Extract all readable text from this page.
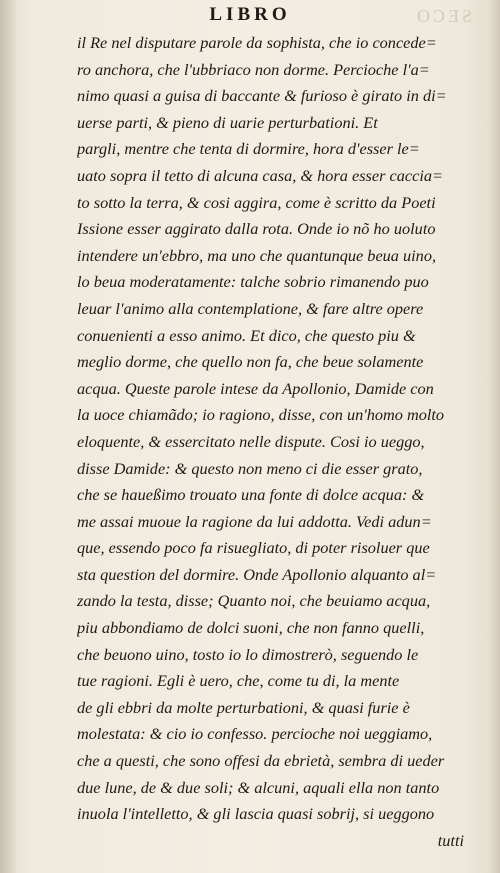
SECO
LIBRO
il Re nel disputare parole da sophista, che io concede=
ro anchora, che l'ubbriaco non dorme. Percioche l'a=
nimo quasi a guisa di baccante & furioso è girato in di=
uerse parti, & pieno di uarie perturbationi. Et
pargli, mentre che tenta di dormire, hora d'esser le=
uato sopra il tetto di alcuna casa, & hora esser caccia=
to sotto la terra, & cosi aggira, come è scritto da Poeti
Issione esser aggirato dalla rota. Onde io nõ ho uoluto
intendere un'ebbro, ma uno che quantunque beua uino,
lo beua moderatamente: talche sobrio rimanendo puo
leuar l'animo alla contemplatione, & fare altre opere
conuenienti a esso animo. Et dico, che questo piu &
meglio dorme, che quello non fa, che beue solamente
acqua. Queste parole intese da Apollonio, Damide con
la uoce chiamãdo; io ragiono, disse, con un'homo molto
eloquente, & essercitato nelle dispute. Cosi io ueggo,
disse Damide: & questo non meno ci die esser grato,
che se haueßimo trouato una fonte di dolce acqua: &
me assai muoue la ragione da lui addotta. Vedi adun=
que, essendo poco fa risuegliato, di poter risoluer que
sta question del dormire. Onde Apollonio alquanto al=
zando la testa, disse; Quanto noi, che beuiamo acqua,
piu abbondiamo de dolci suoni, che non fanno quelli,
che beuono uino, tosto io lo dimostrerò, seguendo le
tue ragioni. Egli è uero, che, come tu di, la mente
de gli ebbri da molte perturbationi, & quasi furie è
molestata: & cio io confesso. percioche noi ueggiamo,
che a questi, che sono offesi da ebrietà, sembra di ueder
due lune, de & due soli; & alcuni, aquali ella non tanto
inuola l'intelletto, & gli lascia quasi sobrij, si ueggono
tutti
